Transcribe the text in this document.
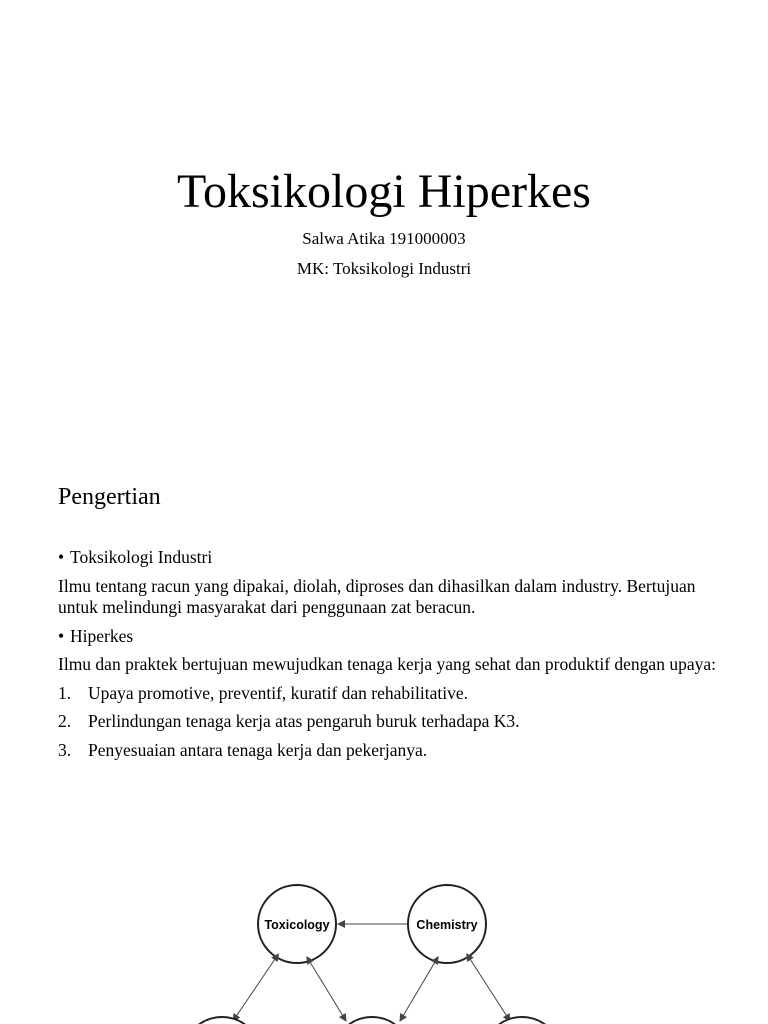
Toksikologi Hiperkes
Salwa Atika 191000003
MK: Toksikologi Industri
Pengertian

• Toksikologi Industri

Ilmu tentang racun yang dipakai, diolah, diproses dan dihasilkan dalam industry. Bertujuan untuk melindungi masyarakat dari penggunaan zat beracun.

• Hiperkes

Ilmu dan praktek bertujuan mewujudkan tenaga kerja yang sehat dan produktif dengan upaya:

1. Upaya promotive, preventif, kuratif dan rehabilitative.

2. Perlindungan tenaga kerja atas pengaruh buruk terhadapa K3.

3. Penyesuaian antara tenaga kerja dan pekerjanya.

Toxicology	Chemistry
